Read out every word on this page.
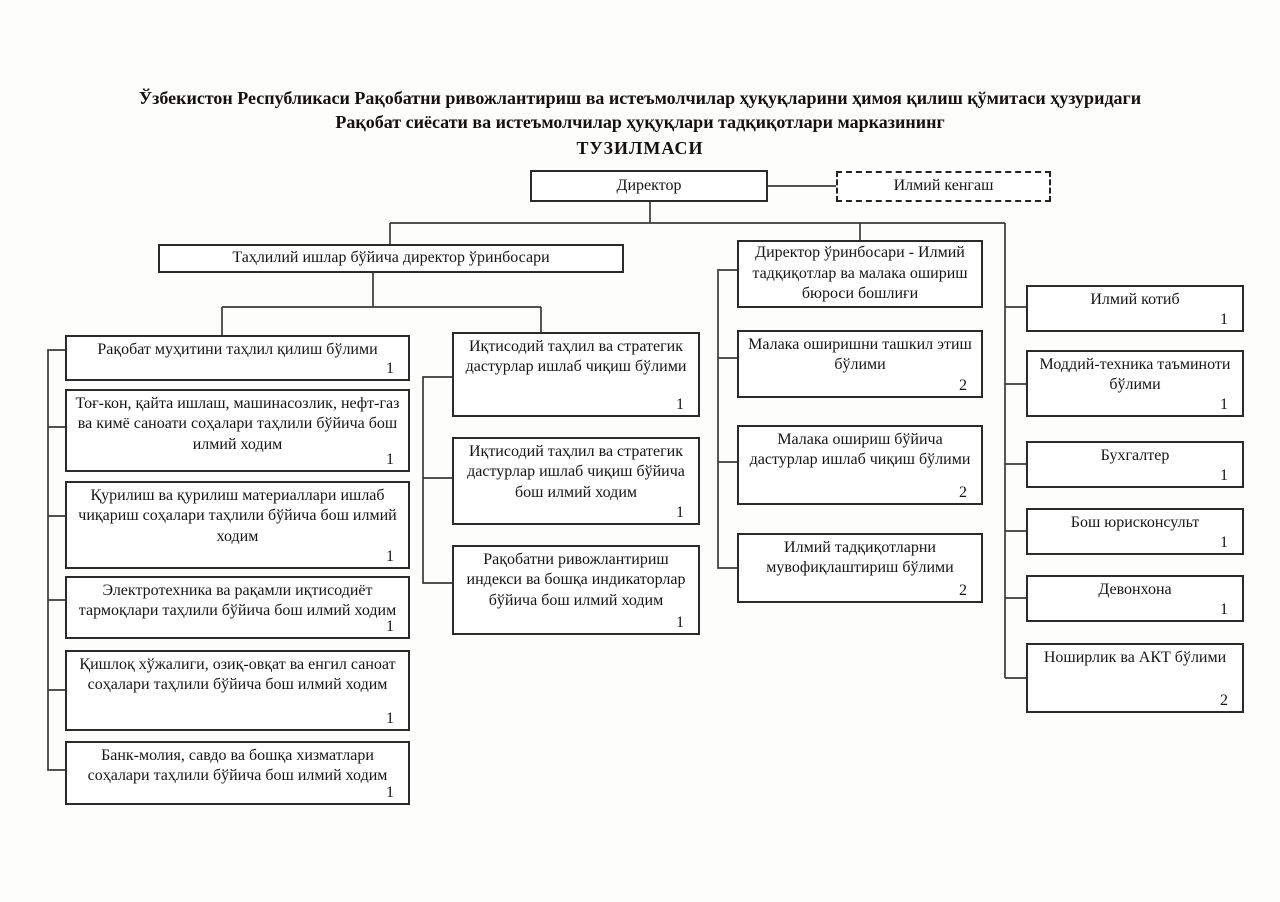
Ўзбекистон Республикаси Рақобатни ривожлантириш ва истеъмолчилар ҳуқуқларини ҳимоя қилиш қўмитаси ҳузуридаги
Рақобат сиёсати ва истеъмолчилар ҳуқуқлари тадқиқотлари марказининг
ТУЗИЛМАСИ
Директор	Илмий кенгаш
Таҳлилий ишлар бўйича директор ўринбосари	Директор ўринбосари - Илмий тадқиқотлар ва малака ошириш бюроси бошлиғи
Рақобат муҳитини таҳлил қилиш бўлими
1
Тоғ-кон, қайта ишлаш, машинасозлик, нефт-газ ва кимё саноати соҳалари таҳлили бўйича бош илмий ходим
1
Қурилиш ва қурилиш материаллари ишлаб чиқариш соҳалари таҳлили бўйича бош илмий ходим
1
Электротехника ва рақамли иқтисодиёт тармоқлари таҳлили бўйича бош илмий ходим
1
Қишлоқ хўжалиги, озиқ-овқат ва енгил саноат соҳалари таҳлили бўйича бош илмий ходим
1
Банк-молия, савдо ва бошқа хизматлари соҳалари таҳлили бўйича бош илмий ходим
1
Иқтисодий таҳлил ва стратегик дастурлар ишлаб чиқиш бўлими
1
Иқтисодий таҳлил ва стратегик дастурлар ишлаб чиқиш бўйича бош илмий ходим
1
Рақобатни ривожлантириш индекси ва бошқа индикаторлар бўйича бош илмий ходим
1
Малака оширишни ташкил этиш бўлими
2
Малака ошириш бўйича дастурлар ишлаб чиқиш бўлими
2
Илмий тадқиқотларни мувофиқлаштириш бўлими
2
Илмий котиб
1
Моддий-техника таъминоти бўлими
1
Бухгалтер
1
Бош юрисконсульт
1
Девонхона
1
Ноширлик ва АКТ бўлими
2
